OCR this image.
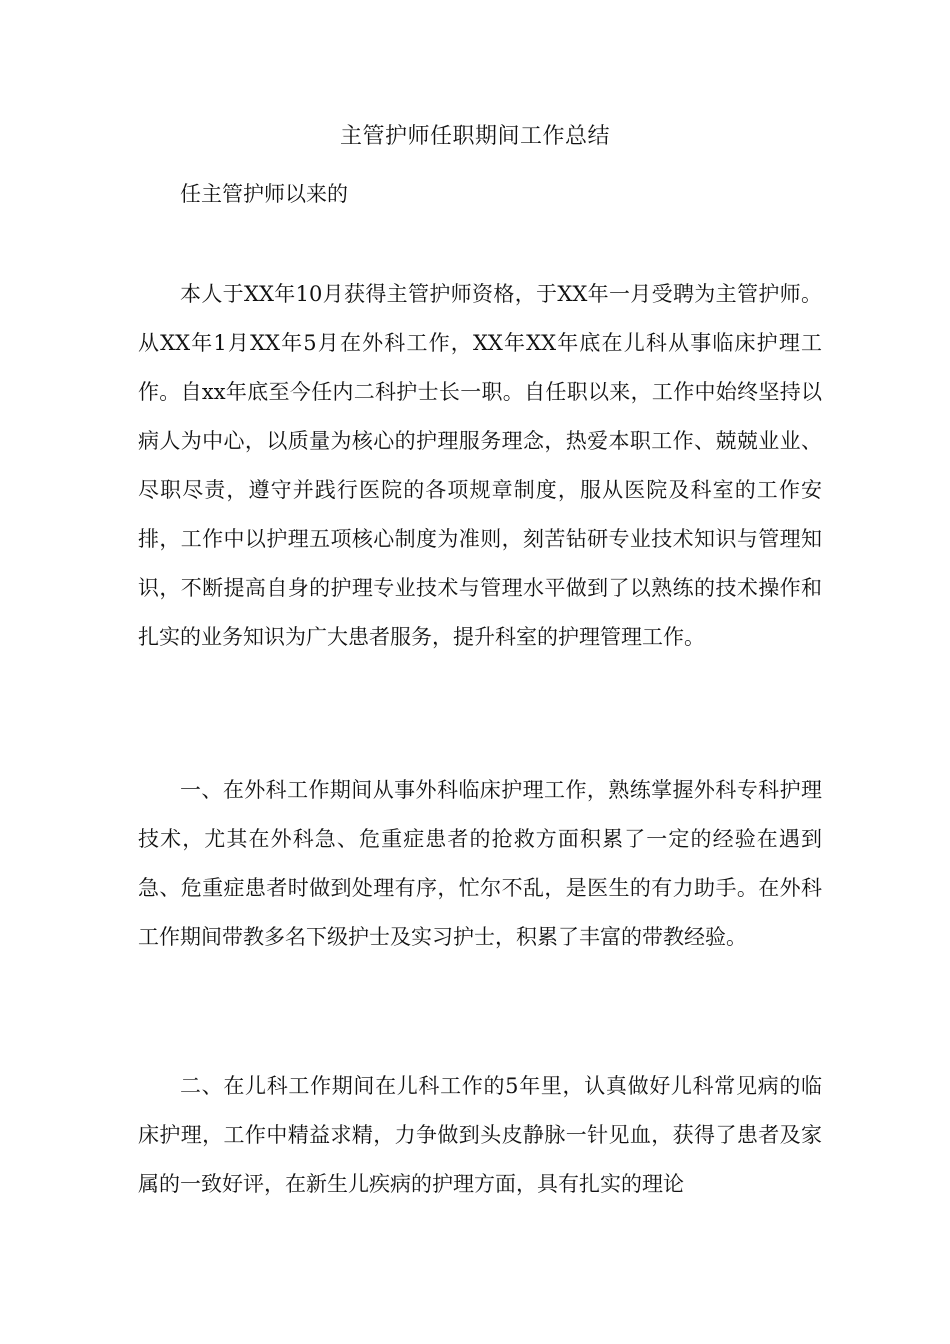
主管护师任职期间工作总结

任主管护师以来的

本人于XX年10月获得主管护师资格，于XX年一月受聘为主管护师。从XX年1月XX年5月在外科工作，XX年XX年底在儿科从事临床护理工作。自xx年底至今任内二科护士长一职。自任职以来，工作中始终坚持以病人为中心，以质量为核心的护理服务理念，热爱本职工作、兢兢业业、尽职尽责，遵守并践行医院的各项规章制度，服从医院及科室的工作安排，工作中以护理五项核心制度为准则，刻苦钻研专业技术知识与管理知识，不断提高自身的护理专业技术与管理水平做到了以熟练的技术操作和扎实的业务知识为广大患者服务，提升科室的护理管理工作。

一、在外科工作期间从事外科临床护理工作，熟练掌握外科专科护理技术，尤其在外科急、危重症患者的抢救方面积累了一定的经验在遇到急、危重症患者时做到处理有序，忙尔不乱，是医生的有力助手。在外科工作期间带教多名下级护士及实习护士，积累了丰富的带教经验。

二、在儿科工作期间在儿科工作的5年里，认真做好儿科常见病的临床护理，工作中精益求精，力争做到头皮静脉一针见血，获得了患者及家属的一致好评，在新生儿疾病的护理方面，具有扎实的理论
